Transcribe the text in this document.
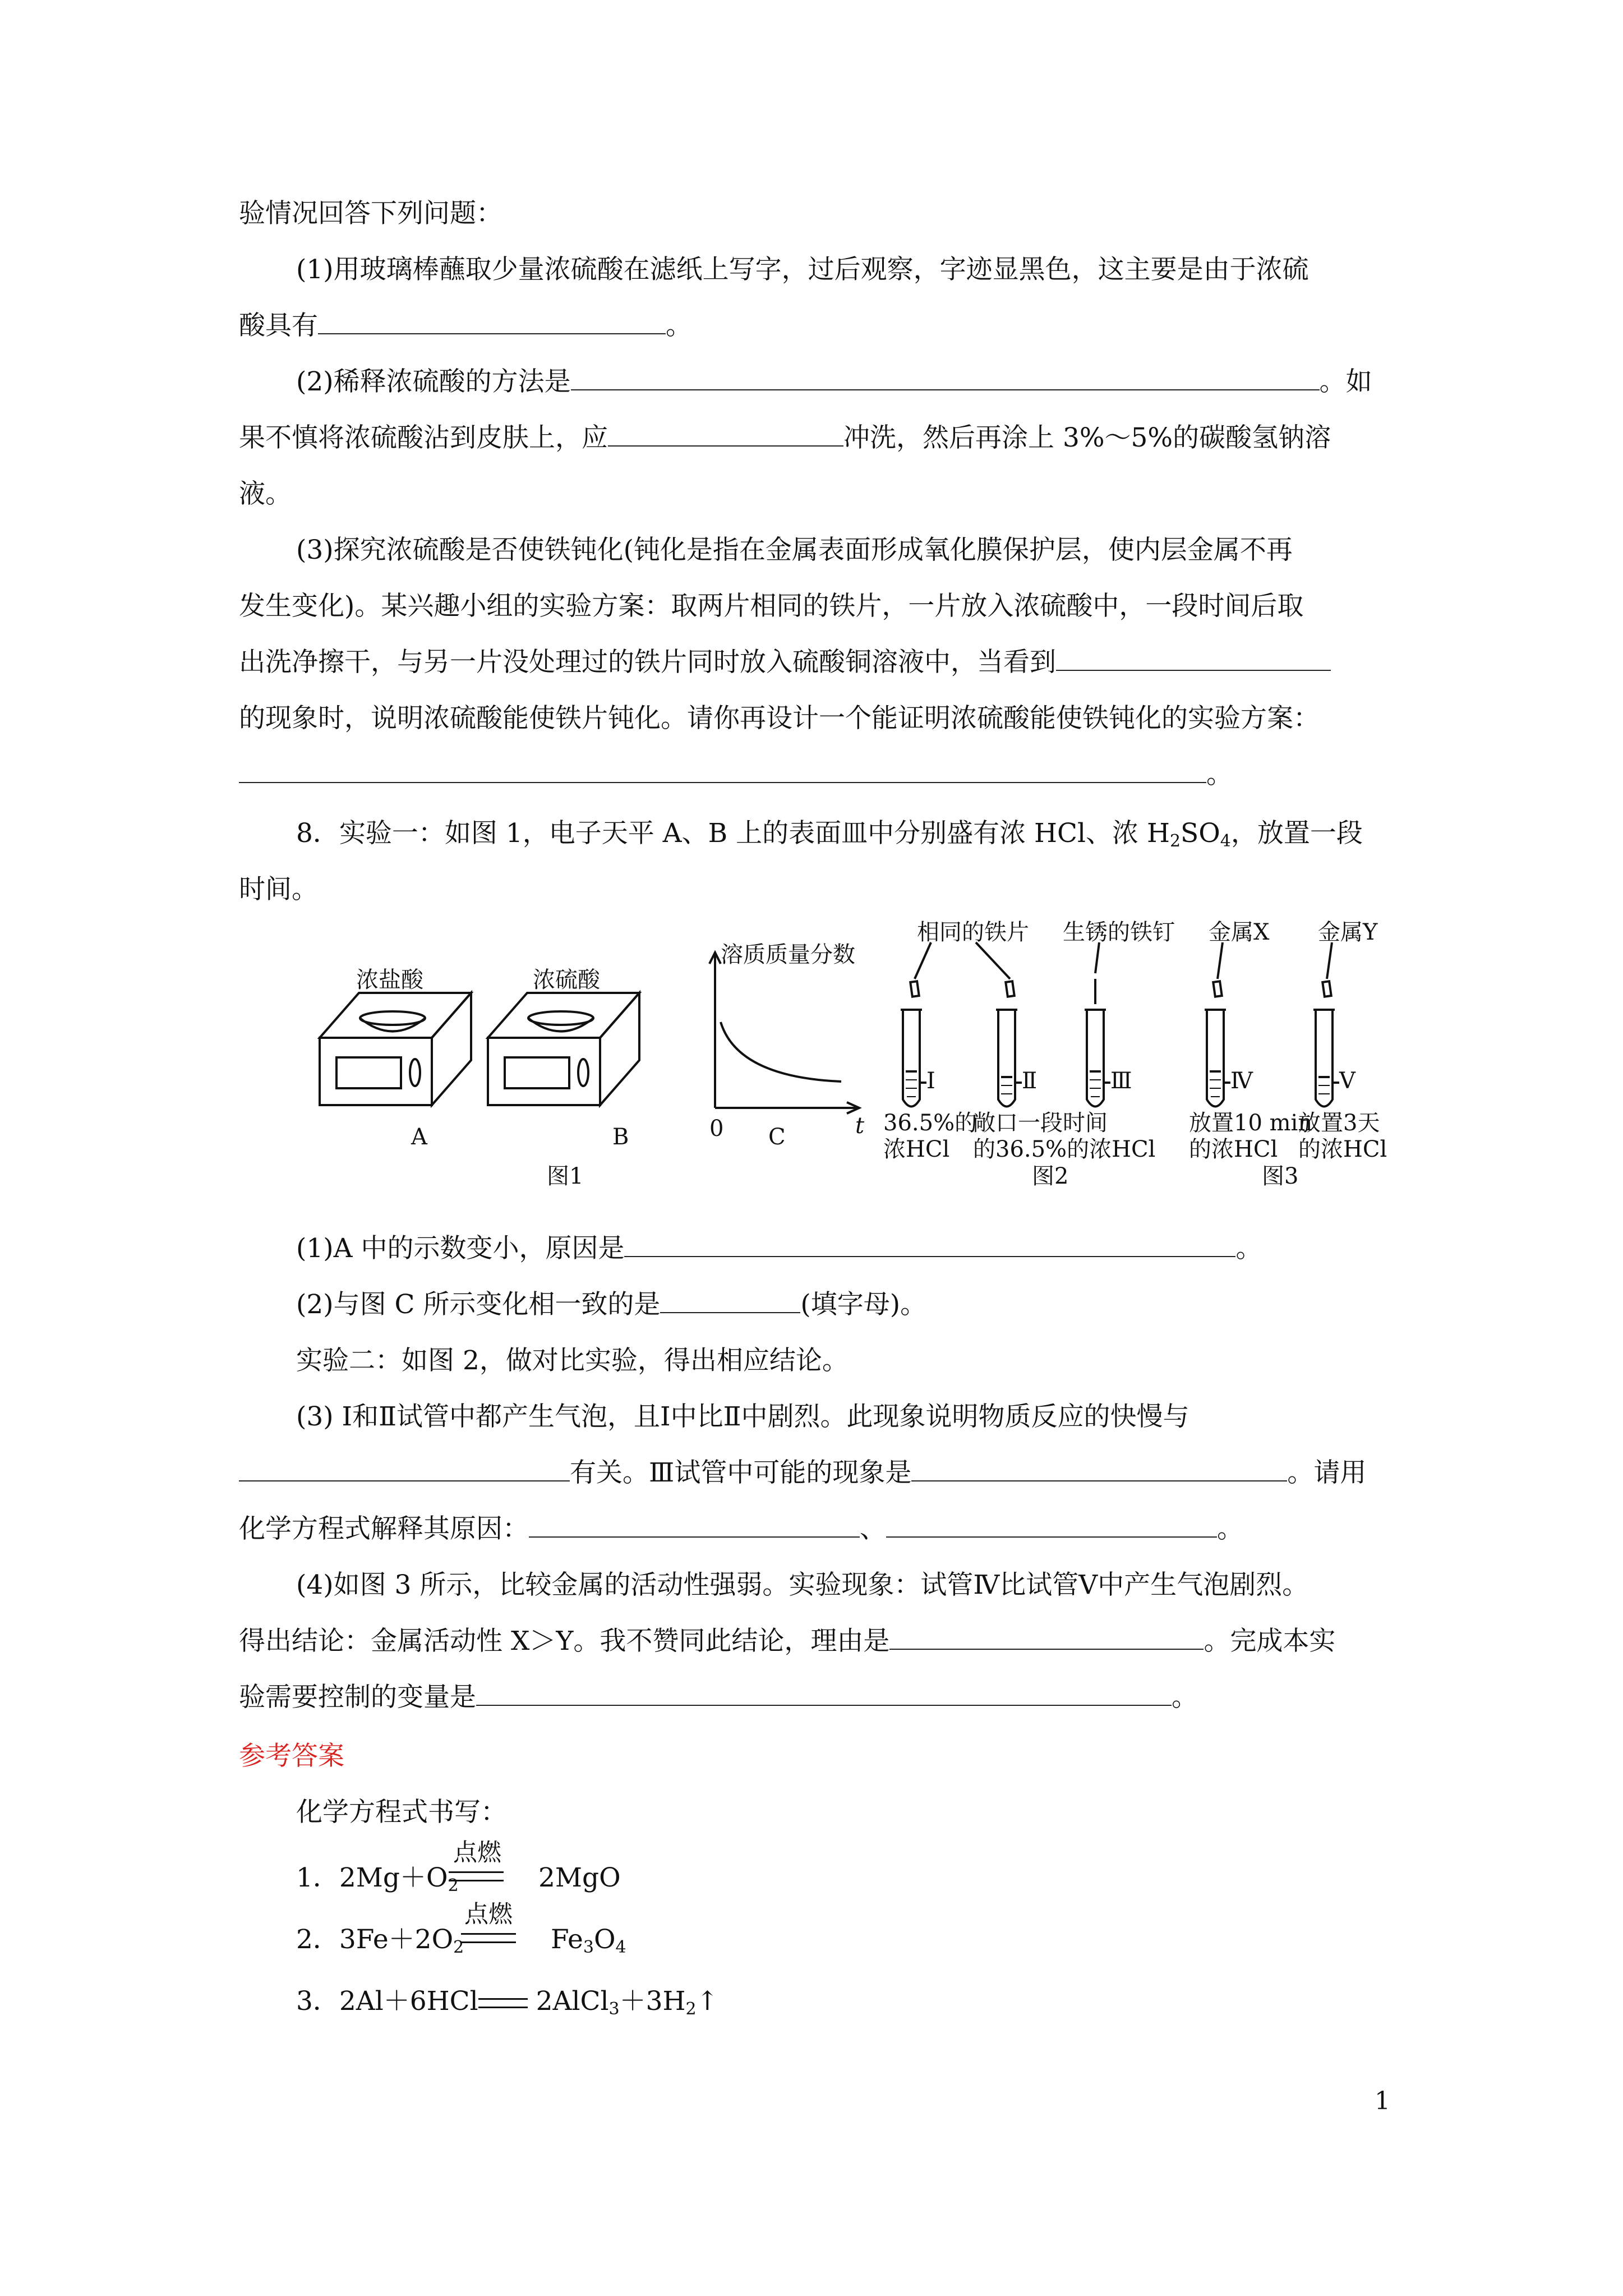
验情况回答下列问题：
(1)用玻璃棒蘸取少量浓硫酸在滤纸上写字，过后观察，字迹显黑色，这主要是由于浓硫
酸具有	。
(2)稀释浓硫酸的方法是	。如
果不慎将浓硫酸沾到皮肤上，应	冲洗，然后再涂上 3%～5%的碳酸氢钠溶
液。
(3)探究浓硫酸是否使铁钝化(钝化是指在金属表面形成氧化膜保护层，使内层金属不再
发生变化)。某兴趣小组的实验方案：取两片相同的铁片，一片放入浓硫酸中，一段时间后取
出洗净擦干，与另一片没处理过的铁片同时放入硫酸铜溶液中，当看到
的现象时，说明浓硫酸能使铁片钝化。请你再设计一个能证明浓硫酸能使铁钝化的实验方案：
。
8．实验一：如图 1，电子天平 A、B 上的表面皿中分别盛有浓 HCl、浓 $H_2SO_4$，放置一段
时间。
浓盐酸	浓硫酸
A	B
溶质质量分数
0	t
C
图1
相同的铁片 生锈的铁钉
Ⅰ	Ⅱ	Ⅲ
36.5%的
浓HCl
敞口一段时间
的36.5%的浓HCl
图2
金属X 金属Y
Ⅳ	Ⅴ
放置10 min
的浓HCl
放置3天
的浓HCl
图3
(1)A 中的示数变小，原因是	。
(2)与图 C 所示变化相一致的是	(填字母)。
实验二：如图 2，做对比实验，得出相应结论。
(3) Ⅰ和Ⅱ试管中都产生气泡，且Ⅰ中比Ⅱ中剧烈。此现象说明物质反应的快慢与
有关。Ⅲ试管中可能的现象是	。请用
化学方程式解释其原因：	、	。
(4)如图 3 所示，比较金属的活动性强弱。实验现象：试管Ⅳ比试管Ⅴ中产生气泡剧烈。
得出结论：金属活动性 X＞Y。我不赞同此结论，理由是	。完成本实
验需要控制的变量是	。
参考答案
化学方程式书写：
点燃
1．$2Mg+O_2$	2MgO
点燃
2．$3Fe+2O_2$	$Fe_3O_4$
3．2Al＋6HCl $2AlCl_3+3H_2↑$
1
